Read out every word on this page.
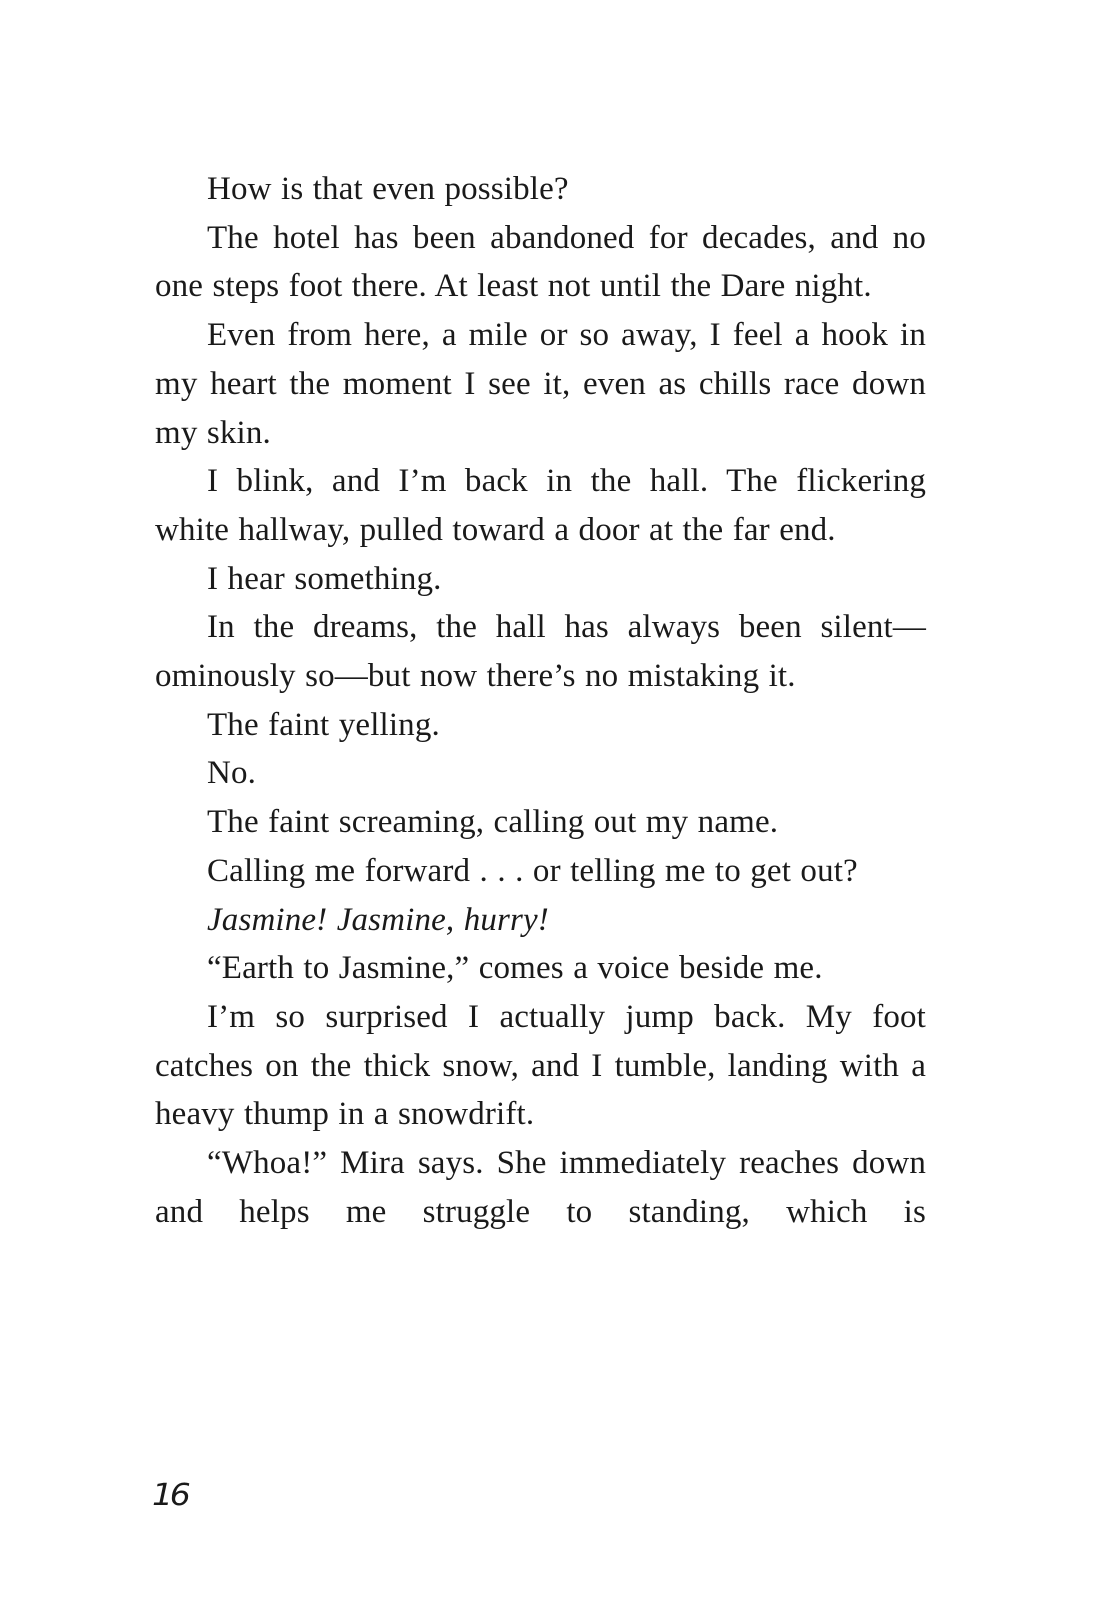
How is that even possible?

The hotel has been abandoned for decades, and no one steps foot there. At least not until the Dare night.

Even from here, a mile or so away, I feel a hook in my heart the moment I see it, even as chills race down my skin.

I blink, and I’m back in the hall. The flickering white hallway, pulled toward a door at the far end.

I hear something.

In the dreams, the hall has always been silent—ominously so—but now there’s no mistaking it.

The faint yelling.

No.

The faint screaming, calling out my name.

Calling me forward . . . or telling me to get out?

Jasmine! Jasmine, hurry!

“Earth to Jasmine,” comes a voice beside me.

I’m so surprised I actually jump back. My foot catches on the thick snow, and I tumble, landing with a heavy thump in a snowdrift.

“Whoa!” Mira says. She immediately reaches down and helps me struggle to standing, which is

16
